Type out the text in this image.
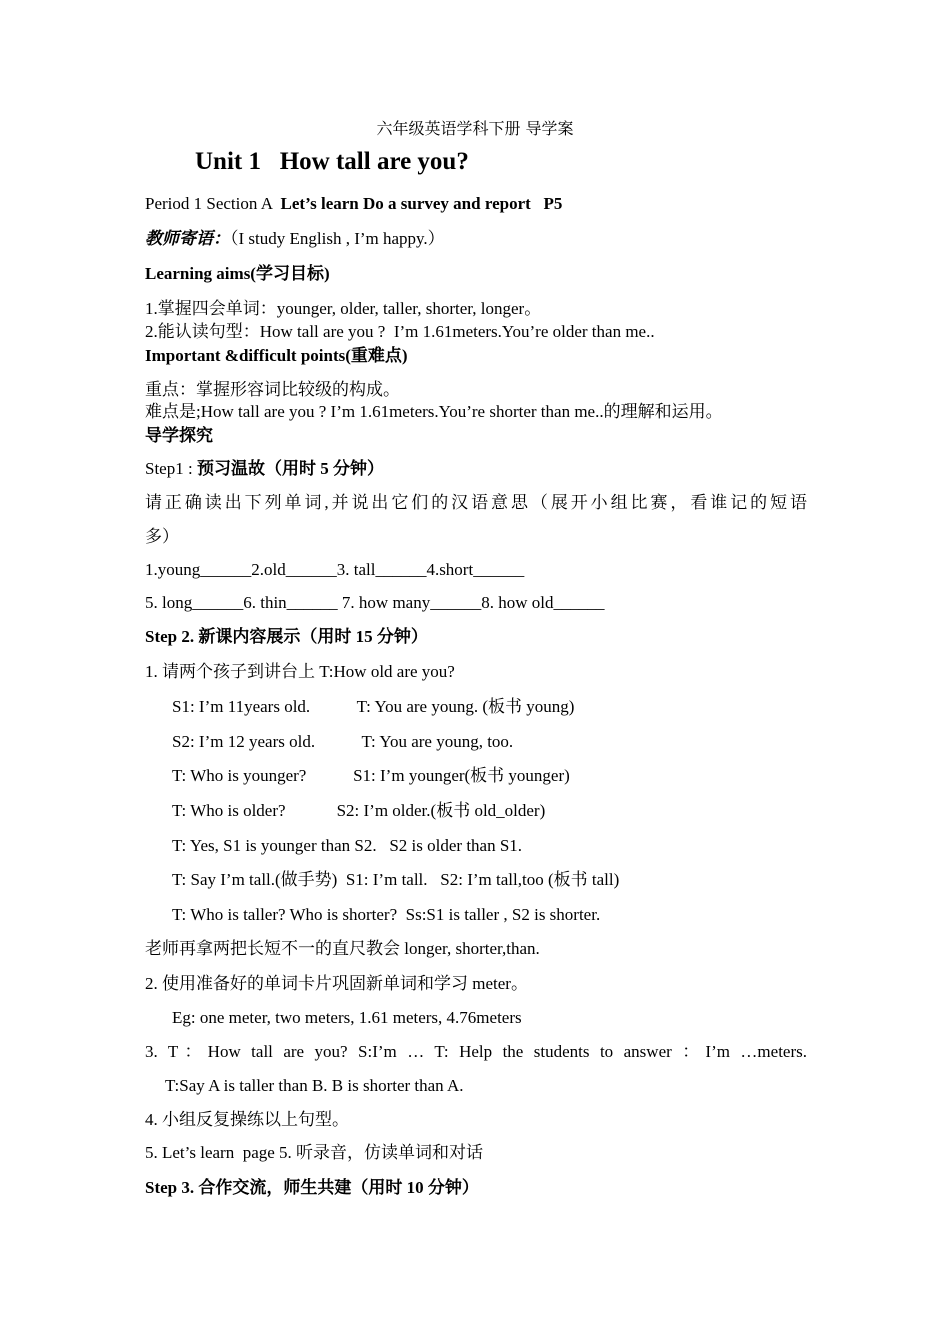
六年级英语学科下册 导学案
Unit 1   How tall are you?
Period 1 Section A  Let’s learn Do a survey and report   P5
教师寄语：（I study English , I’m happy.）
Learning aims(学习目标)
1.掌握四会单词：younger, older, taller, shorter, longer。
2.能认读句型：How tall are you ?  I’m 1.61meters.You’re older than me..
Important &difficult points(重难点)
重点：掌握形容词比较级的构成。
难点是;How tall are you ? I’m 1.61meters.You’re shorter than me..的理解和运用。
导学探究
Step1 : 预习温故（用时 5 分钟）
请正确读出下列单词,并说出它们的汉语意思（展开小组比赛，看谁记的短语
多）
1.young______2.old______3. tall______4.short______
5. long______6. thin______ 7. how many______8. how old______
Step 2. 新课内容展示（用时 15 分钟）
1. 请两个孩子到讲台上 T:How old are you?
S1: I’m 11years old.           T: You are young. (板书 young)
S2: I’m 12 years old.           T: You are young, too.
T: Who is younger?           S1: I’m younger(板书 younger)
T: Who is older?            S2: I’m older.(板书 old_older)
T: Yes, S1 is younger than S2.   S2 is older than S1.
T: Say I’m tall.(做手势)  S1: I’m tall.   S2: I’m tall,too (板书 tall)
T: Who is taller? Who is shorter?  Ss:S1 is taller , S2 is shorter.
老师再拿两把长短不一的直尺教会 longer, shorter,than.
2. 使用准备好的单词卡片巩固新单词和学习 meter。
Eg: one meter, two meters, 1.61 meters, 4.76meters
3. T：How tall are you? S:I’m … T: Help the students to answer ：I’m …meters.
T:Say A is taller than B. B is shorter than A.
4. 小组反复操练以上句型。
5. Let’s learn  page 5. 听录音，仿读单词和对话
Step 3. 合作交流，师生共建（用时 10 分钟）
